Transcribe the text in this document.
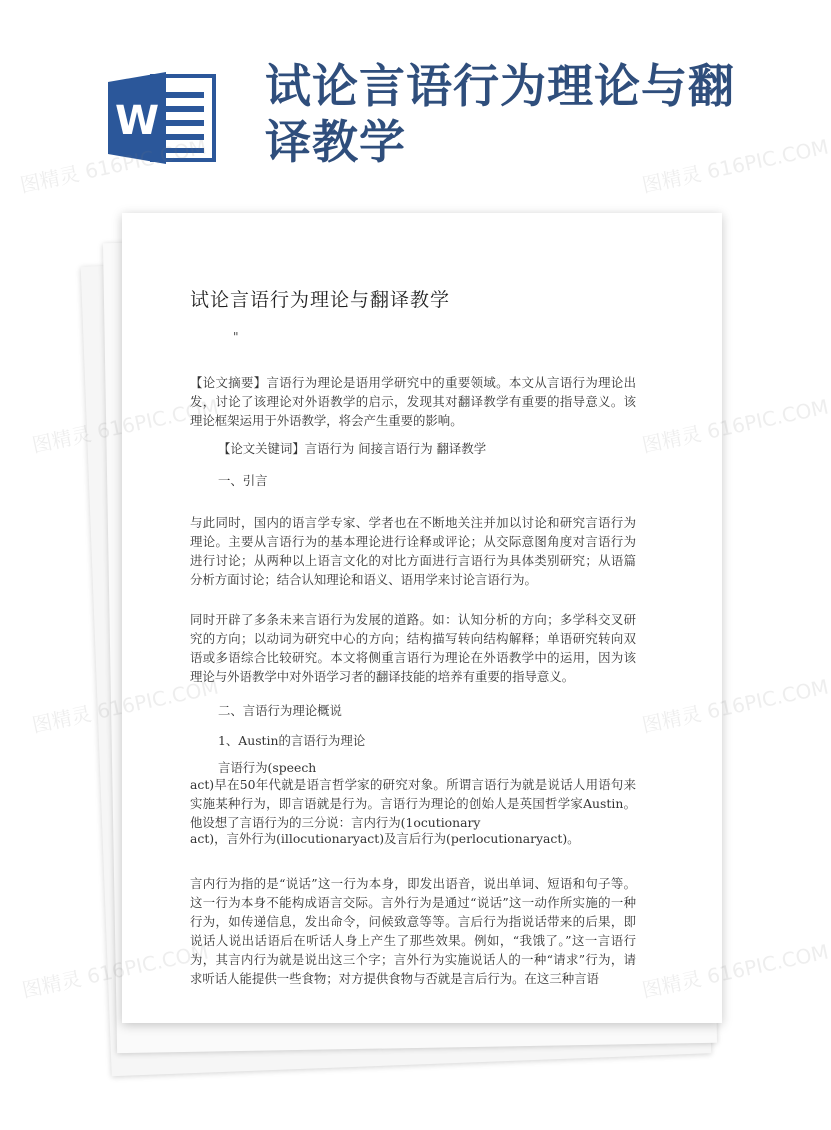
W
试论言语行为理论与翻译教学
试论言语行为理论与翻译教学
"

【论文摘要】言语行为理论是语用学研究中的重要领域。本文从言语行为理论出发，讨论了该理论对外语教学的启示，发现其对翻译教学有重要的指导意义。该理论框架运用于外语教学，将会产生重要的影响。

【论文关键词】言语行为 间接言语行为 翻译教学

一、引言

与此同时，国内的语言学专家、学者也在不断地关注并加以讨论和研究言语行为理论。主要从言语行为的基本理论进行诠释或评论；从交际意图角度对言语行为进行讨论；从两种以上语言文化的对比方面进行言语行为具体类别研究；从语篇分析方面讨论；结合认知理论和语义、语用学来讨论言语行为。

同时开辟了多条未来言语行为发展的道路。如：认知分析的方向；多学科交叉研究的方向；以动词为研究中心的方向；结构描写转向结构解释；单语研究转向双语或多语综合比较研究。本文将侧重言语行为理论在外语教学中的运用，因为该理论与外语教学中对外语学习者的翻译技能的培养有重要的指导意义。

二、言语行为理论概说

1、Austin的言语行为理论

言语行为(speech

act)早在50年代就是语言哲学家的研究对象。所谓言语行为就是说话人用语句来实施某种行为，即言语就是行为。言语行为理论的创始人是英国哲学家Austin。他设想了言语行为的三分说：言内行为(1ocutionary

act)，言外行为(illocutionaryact)及言后行为(perlocutionaryact)。

言内行为指的是“说话”这一行为本身，即发出语音，说出单词、短语和句子等。这一行为本身不能构成语言交际。言外行为是通过“说话”这一动作所实施的一种行为，如传递信息，发出命令，问候致意等等。言后行为指说话带来的后果，即说话人说出话语后在听话人身上产生了那些效果。例如，“我饿了。”这一言语行为，其言内行为就是说出这三个字；言外行为实施说话人的一种“请求”行为，请求听话人能提供一些食物；对方提供食物与否就是言后行为。在这三种言语

图精灵 616PIC.COM	图精灵 616PIC.COM
图精灵	图精灵 616PIC.COM
图精灵	图精灵 616PIC.COM
图精灵	图精灵 616PIC.COM
